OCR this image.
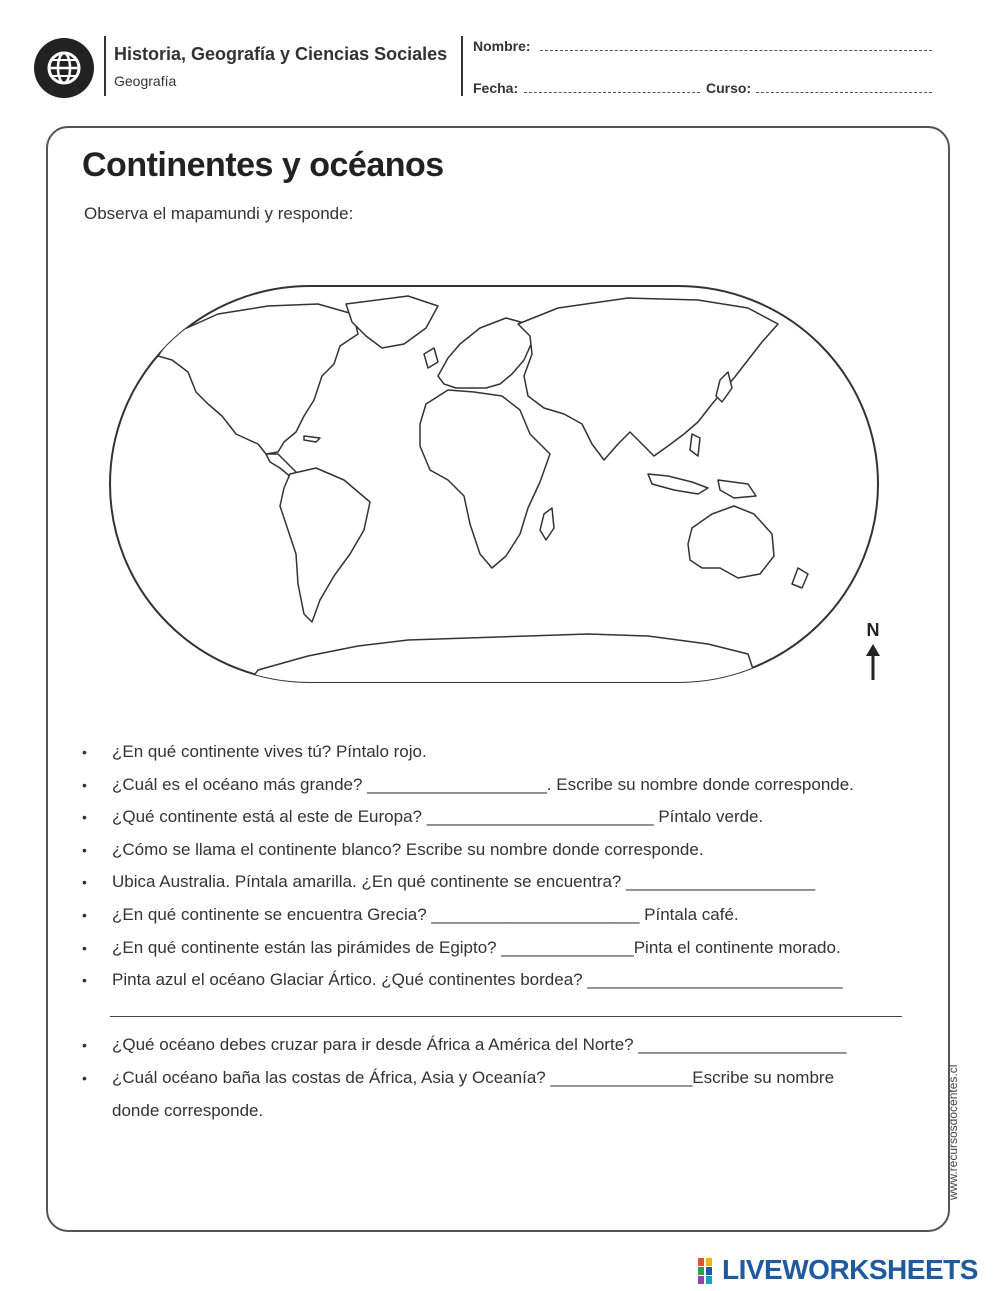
Historia, Geografía y Ciencias Sociales
Geografía
Nombre:
Fecha:	Curso:
Continentes y océanos
Observa el mapamundi y responde:
N
• ¿En qué continente vives tú? Píntalo rojo.
• ¿Cuál es el océano más grande? ___________________. Escribe su nombre donde corresponde.
• ¿Qué continente está al este de Europa? ________________________ Píntalo verde.
• ¿Cómo se llama el continente blanco? Escribe su nombre donde corresponde.
• Ubica Australia. Píntala amarilla. ¿En qué continente se encuentra? ____________________
• ¿En qué continente se encuentra Grecia? ______________________ Píntala café.
• ¿En qué continente están las pirámides de Egipto? ______________Pinta el continente morado.
• Pinta azul el océano Glaciar Ártico. ¿Qué continentes bordea? ___________________________
• ¿Qué océano debes cruzar para ir desde África a América del Norte? ______________________
• ¿Cuál océano baña las costas de África, Asia y Oceanía? _______________Escribe su nombre
donde corresponde.	www.recursosdocentes.cl
LIVEWORKSHEETS
